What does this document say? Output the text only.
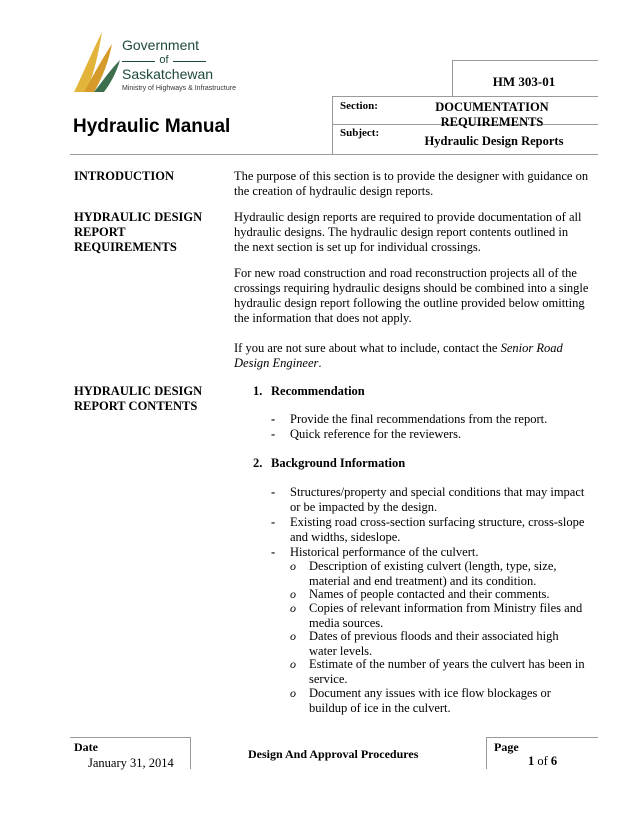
Government
of
Saskatchewan
Ministry of Highways & Infrastructure
Hydraulic Manual
HM 303-01
Section:	DOCUMENTATION
REQUIREMENTS
Subject:
Hydraulic Design Reports
INTRODUCTION	The purpose of this section is to provide the designer with guidance on
the creation of hydraulic design reports.
HYDRAULIC DESIGN
REPORT
REQUIREMENTS
Hydraulic design reports are required to provide documentation of all
hydraulic designs. The hydraulic design report contents outlined in
the next section is set up for individual crossings.
For new road construction and road reconstruction projects all of the
crossings requiring hydraulic designs should be combined into a single
hydraulic design report following the outline provided below omitting
the information that does not apply.
If you are not sure about what to include, contact the Senior Road
Design Engineer.
HYDRAULIC DESIGN
REPORT CONTENTS
1. Recommendation
- Provide the final recommendations from the report.
- Quick reference for the reviewers.
2. Background Information
- Structures/property and special conditions that may impact
or be impacted by the design.
- Existing road cross-section surfacing structure, cross-slope
and widths, sideslope.
- Historical performance of the culvert.
o Description of existing culvert (length, type, size,
material and end treatment) and its condition.
o Names of people contacted and their comments.
o Copies of relevant information from Ministry files and
media sources.
o Dates of previous floods and their associated high
water levels.
o Estimate of the number of years the culvert has been in
service.
o Document any issues with ice flow blockages or
buildup of ice in the culvert.
Date
January 31, 2014
Design And Approval Procedures	Page
1 of 6
